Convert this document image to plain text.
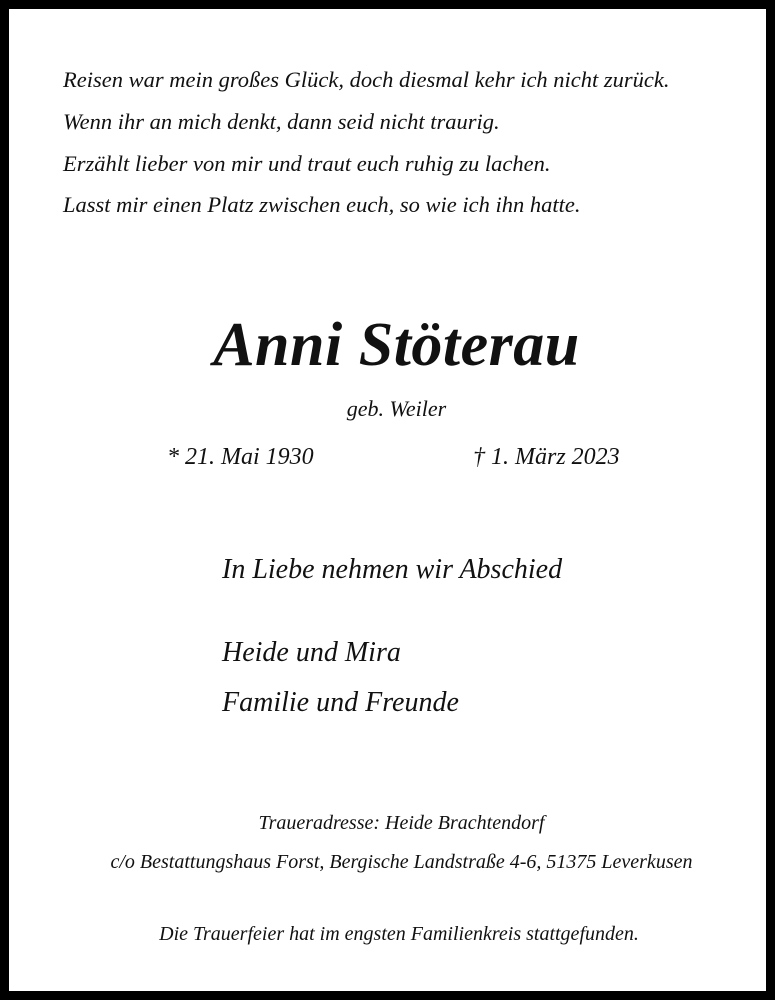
Reisen war mein großes Glück, doch diesmal kehr ich nicht zurück.

Wenn ihr an mich denkt, dann seid nicht traurig.

Erzählt lieber von mir und traut euch ruhig zu lachen.

Lasst mir einen Platz zwischen euch, so wie ich ihn hatte.

Anni Stöterau

geb. Weiler

* 21. Mai 1930	† 1. März 2023

In Liebe nehmen wir Abschied

Heide und Mira

Familie und Freunde

Traueradresse: Heide Brachtendorf

c/o Bestattungshaus Forst, Bergische Landstraße 4-6, 51375 Leverkusen

Die Trauerfeier hat im engsten Familienkreis stattgefunden.
